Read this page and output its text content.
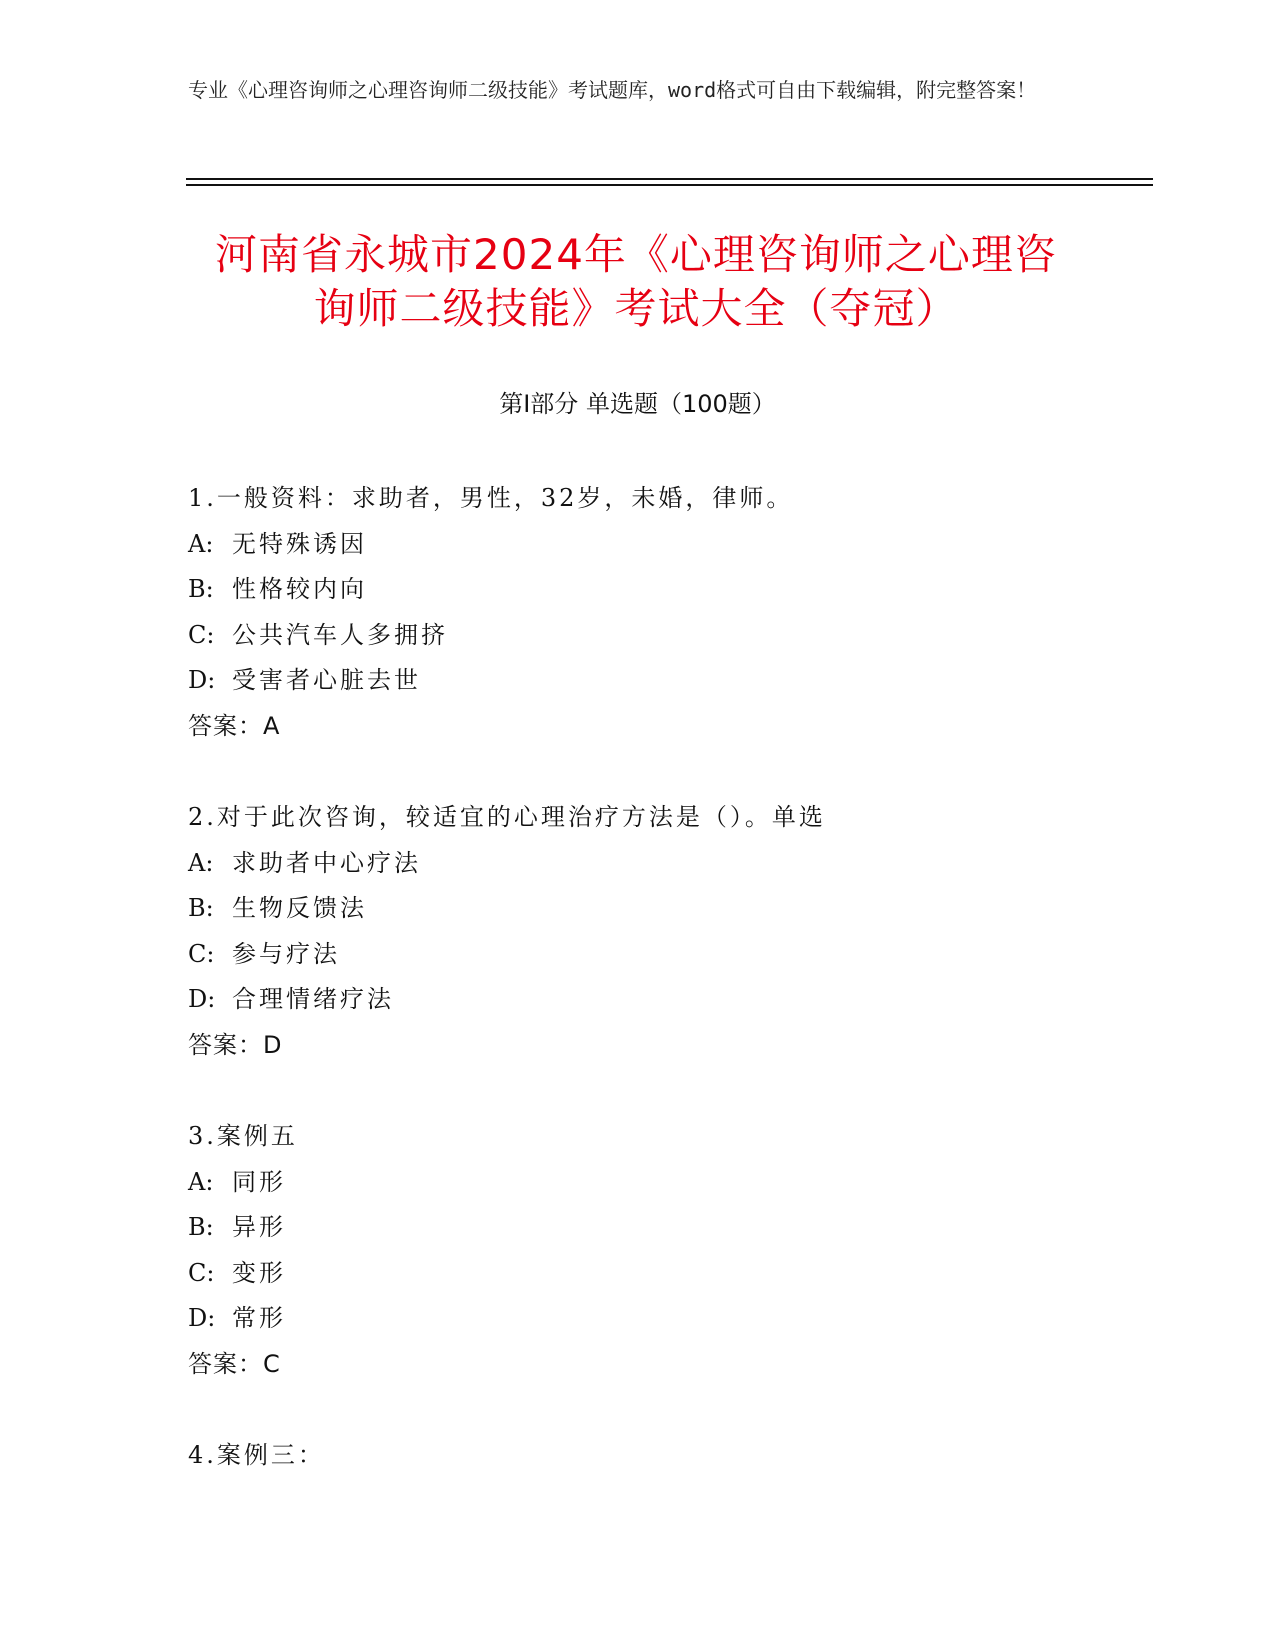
专业《心理咨询师之心理咨询师二级技能》考试题库，word格式可自由下载编辑，附完整答案！
河南省永城市2024年《心理咨询师之心理咨
询师二级技能》考试大全（夺冠）
第Ⅰ部分 单选题（100题）
1.一般资料：求助者，男性，32岁，未婚，律师。
A: 无特殊诱因
B: 性格较内向
C: 公共汽车人多拥挤
D: 受害者心脏去世
答案：A
2.对于此次咨询，较适宜的心理治疗方法是（）。单选
A: 求助者中心疗法
B: 生物反馈法
C: 参与疗法
D: 合理情绪疗法
答案：D
3.案例五
A: 同形
B: 异形
C: 变形
D: 常形
答案：C
4.案例三：
